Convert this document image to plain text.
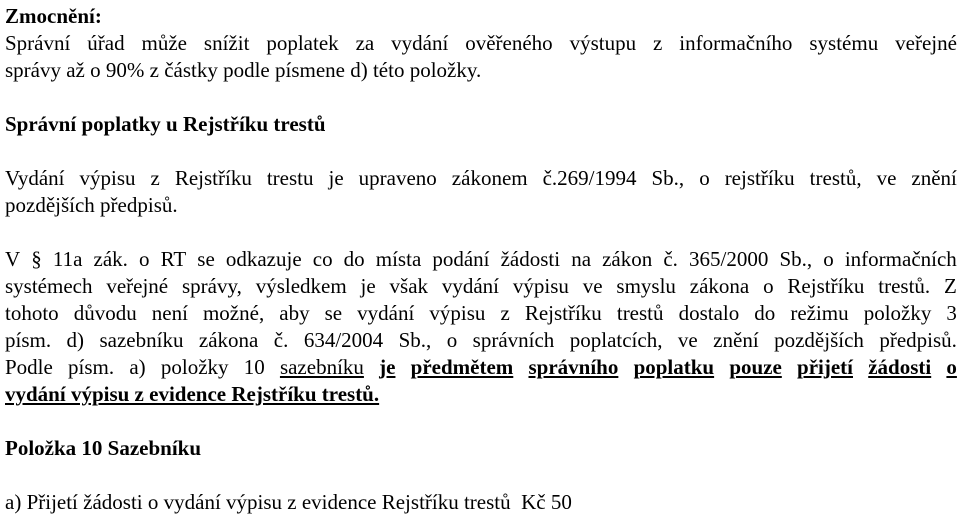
Zmocnění:
Správní úřad může snížit poplatek za vydání ověřeného výstupu z informačního systému veřejné
správy až o 90% z částky podle písmene d) této položky.
Správní poplatky u Rejstříku trestů
Vydání výpisu z Rejstříku trestu je upraveno zákonem č.269/1994 Sb., o rejstříku trestů, ve znění
pozdějších předpisů.
V § 11a zák. o RT se odkazuje co do místa podání žádosti na zákon č. 365/2000 Sb., o informačních
systémech veřejné správy, výsledkem je však vydání výpisu ve smyslu zákona o Rejstříku trestů. Z
tohoto důvodu není možné, aby se vydání výpisu z Rejstříku trestů dostalo do režimu položky 3
písm. d) sazebníku zákona č. 634/2004 Sb., o správních poplatcích, ve znění pozdějších předpisů.
Podle písm. a) položky 10 sazebníku je předmětem správního poplatku pouze přijetí žádosti o
vydání výpisu z evidence Rejstříku trestů.
Položka 10 Sazebníku
a) Přijetí žádosti o vydání výpisu z evidence Rejstříku trestů  Kč 50
